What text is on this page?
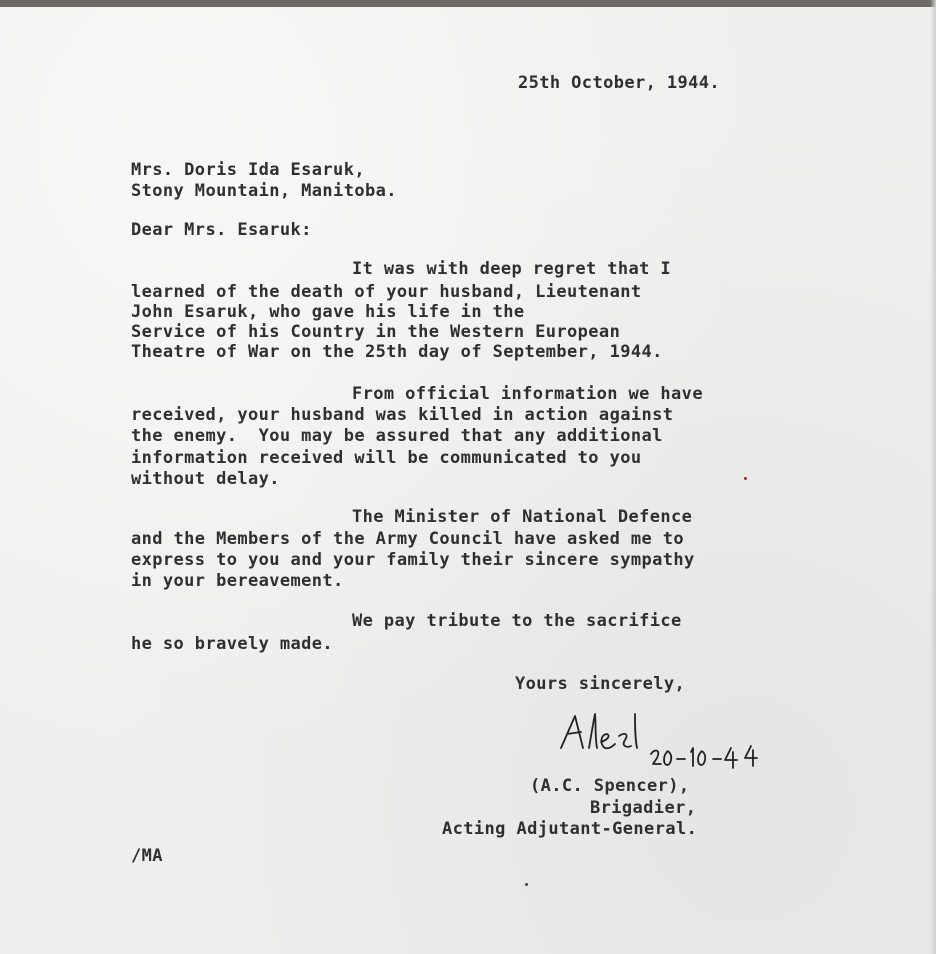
25th October, 1944.
Mrs. Doris Ida Esaruk,
Stony Mountain, Manitoba.
Dear Mrs. Esaruk:
It was with deep regret that I
learned of the death of your husband, Lieutenant
John Esaruk, who gave his life in the
Service of his Country in the Western European
Theatre of War on the 25th day of September, 1944.
From official information we have
received, your husband was killed in action against
the enemy.  You may be assured that any additional
information received will be communicated to you
without delay.
The Minister of National Defence
and the Members of the Army Council have asked me to
express to you and your family their sincere sympathy
in your bereavement.
We pay tribute to the sacrifice
he so bravely made.
Yours sincerely,
(A.C. Spencer),
Brigadier,
Acting Adjutant-General.
/MA
